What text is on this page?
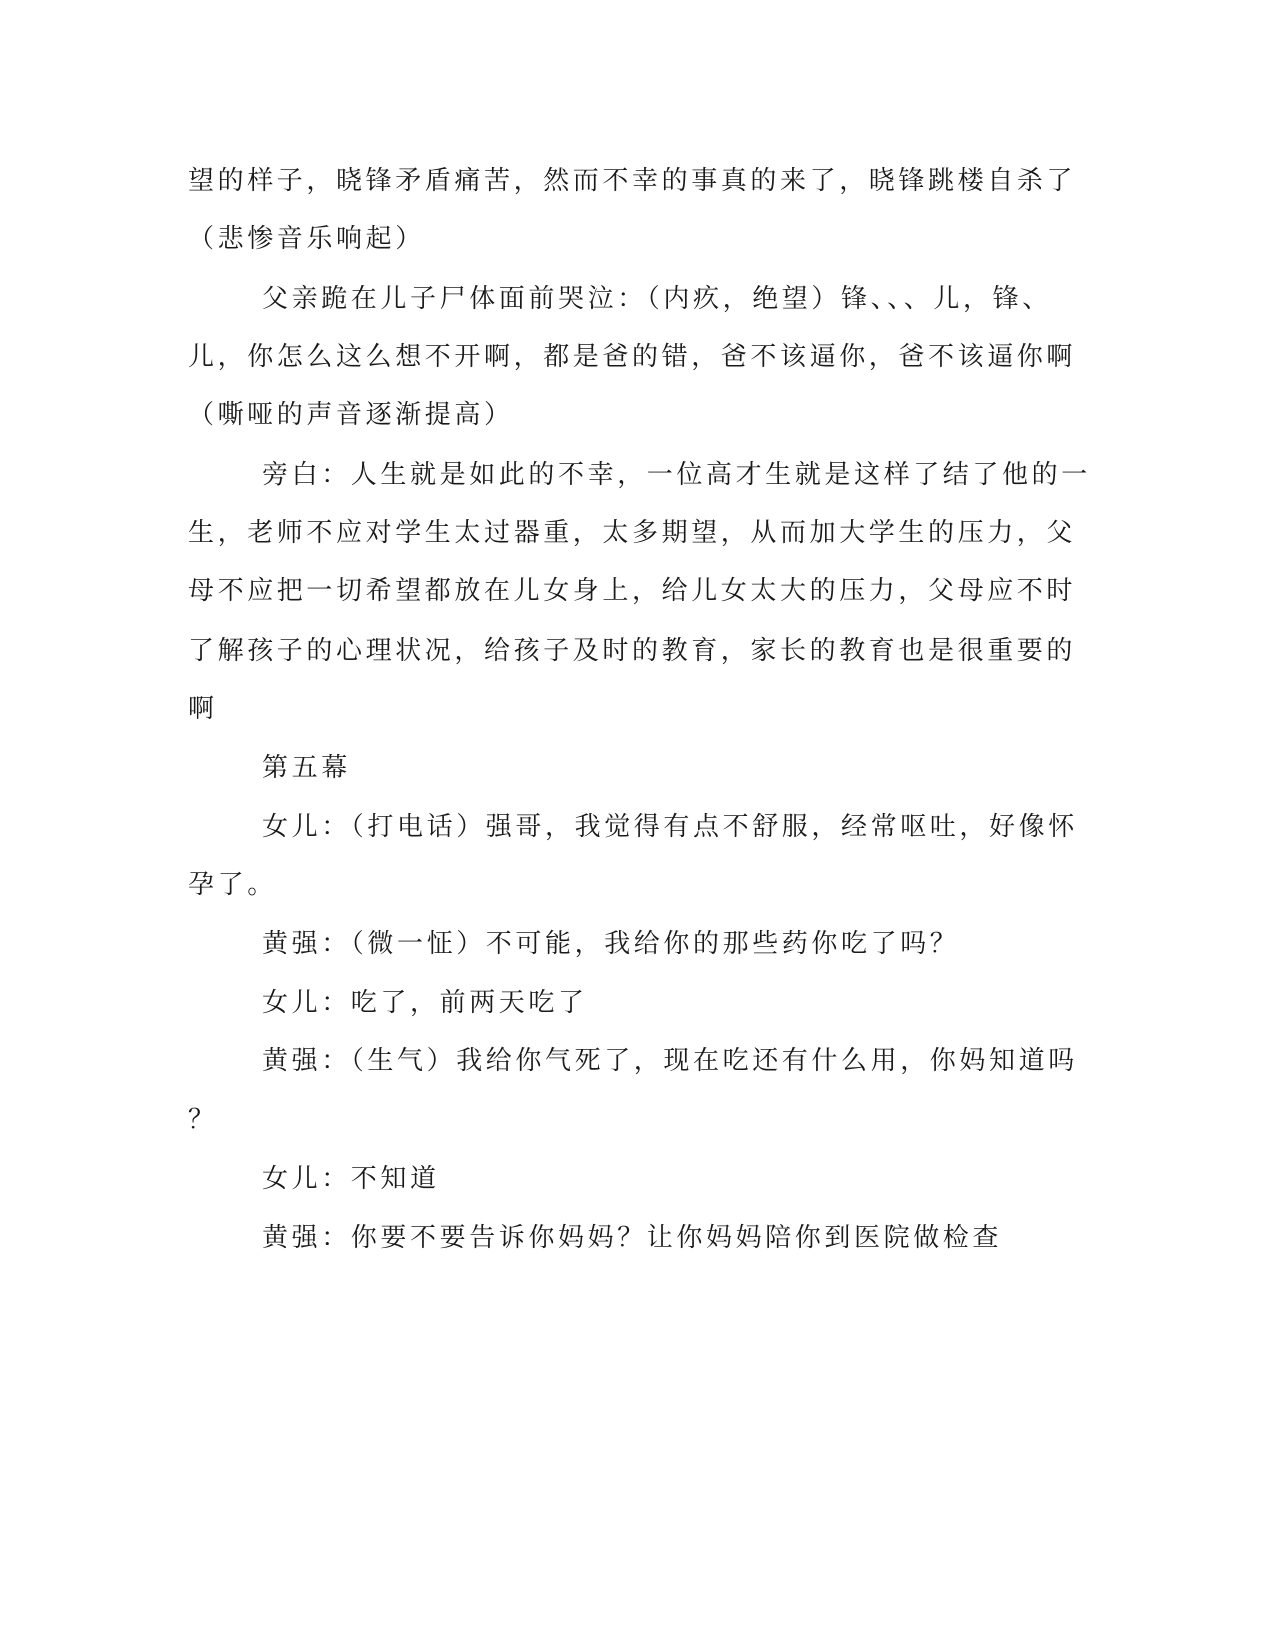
望的样子，晓锋矛盾痛苦，然而不幸的事真的来了，晓锋跳楼自杀了
（悲惨音乐响起）
父亲跪在儿子尸体面前哭泣：（内疚，绝望）锋、、、儿，锋、
儿，你怎么这么想不开啊，都是爸的错，爸不该逼你，爸不该逼你啊
（嘶哑的声音逐渐提高）
旁白：人生就是如此的不幸，一位高才生就是这样了结了他的一
生，老师不应对学生太过器重，太多期望，从而加大学生的压力，父
母不应把一切希望都放在儿女身上，给儿女太大的压力，父母应不时
了解孩子的心理状况，给孩子及时的教育，家长的教育也是很重要的
啊
第五幕
女儿：（打电话）强哥，我觉得有点不舒服，经常呕吐，好像怀
孕了。
黄强：（微一怔）不可能，我给你的那些药你吃了吗？
女儿：吃了，前两天吃了
黄强：（生气）我给你气死了，现在吃还有什么用，你妈知道吗
？
女儿：不知道
黄强：你要不要告诉你妈妈？让你妈妈陪你到医院做检查
